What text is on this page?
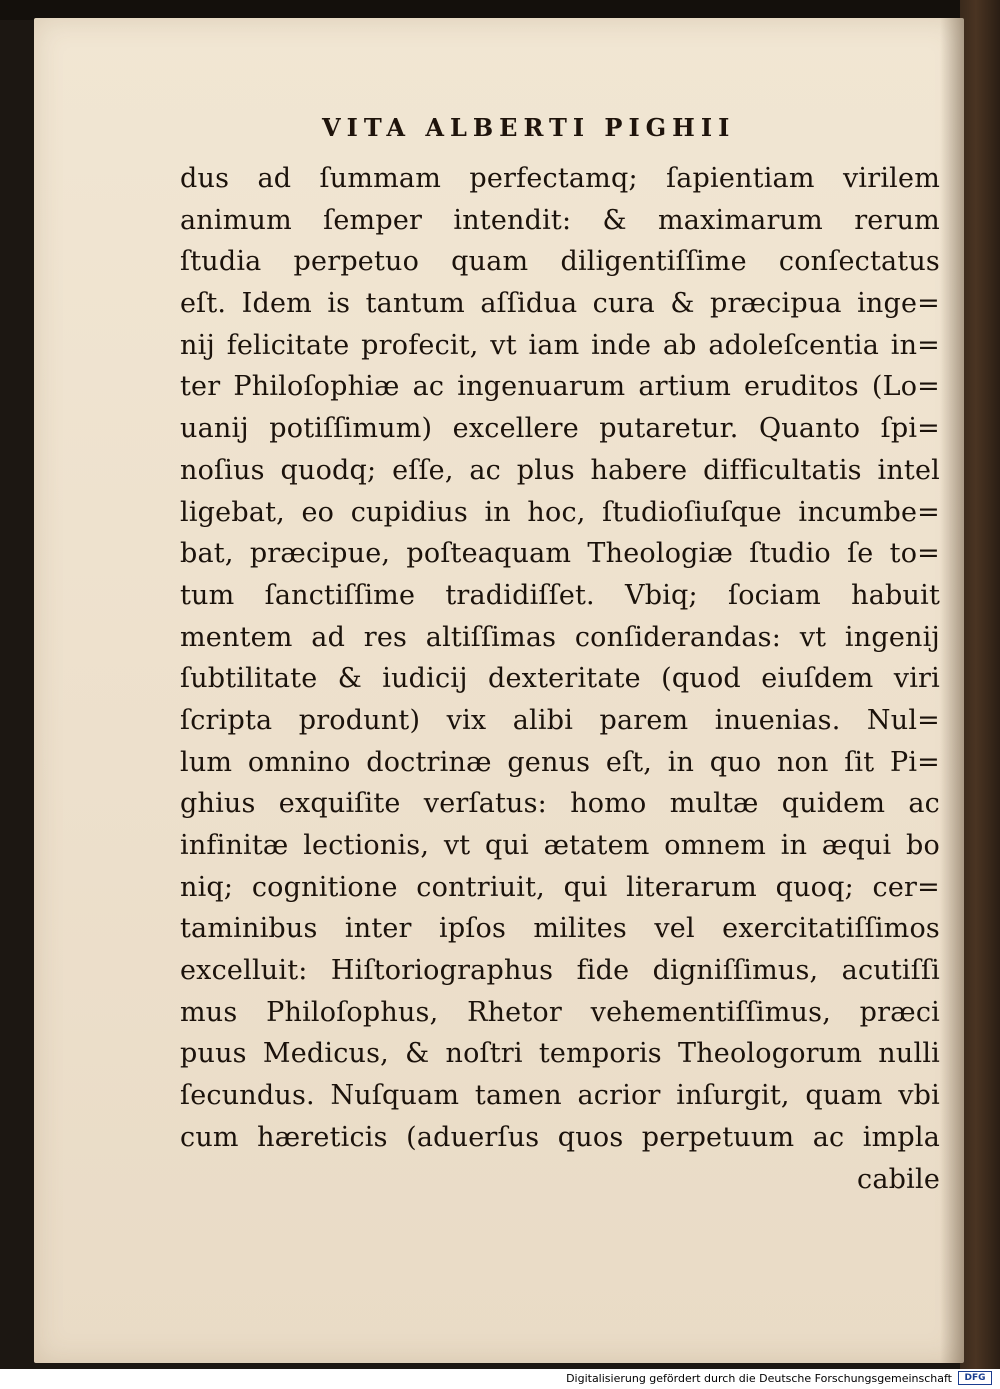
VITA ALBERTI PIGHII

dus ad ſummam perfectamq; ſapientiam virilem
animum ſemper intendit: & maximarum rerum
ſtudia perpetuo quam diligentiſſime conſectatus
eſt. Idem is tantum aſſidua cura & præcipua inge=
nij felicitate profecit, vt iam inde ab adoleſcentia in=
ter Philoſophiæ ac ingenuarum artium eruditos (Lo=
uanij potiſſimum) excellere putaretur. Quanto ſpi=
noſius quodq; eſſe, ac plus habere difficultatis intel
ligebat, eo cupidius in hoc, ſtudioſiuſque incumbe=
bat, præcipue, poſteaquam Theologiæ ſtudio ſe to=
tum ſanctiſſime tradidiſſet. Vbiq; ſociam habuit
mentem ad res altiſſimas conſiderandas: vt ingenij
ſubtilitate & iudicij dexteritate (quod eiuſdem viri
ſcripta produnt) vix alibi parem inuenias. Nul=
lum omnino doctrinæ genus eſt, in quo non ſit Pi=
ghius exquiſite verſatus: homo multæ quidem ac
infinitæ lectionis, vt qui ætatem omnem in æqui bo
niq; cognitione contriuit, qui literarum quoq; cer=
taminibus inter ipſos milites vel exercitatiſſimos
excelluit: Hiſtoriographus fide digniſſimus, acutiſſi
mus Philoſophus, Rhetor vehementiſſimus, præci
puus Medicus, & noſtri temporis Theologorum nulli
ſecundus. Nuſquam tamen acrior inſurgit, quam vbi
cum hæreticis (aduerſus quos perpetuum ac impla
cabile
Digitalisierung gefördert durch die Deutsche Forschungsgemeinschaft	DFG
